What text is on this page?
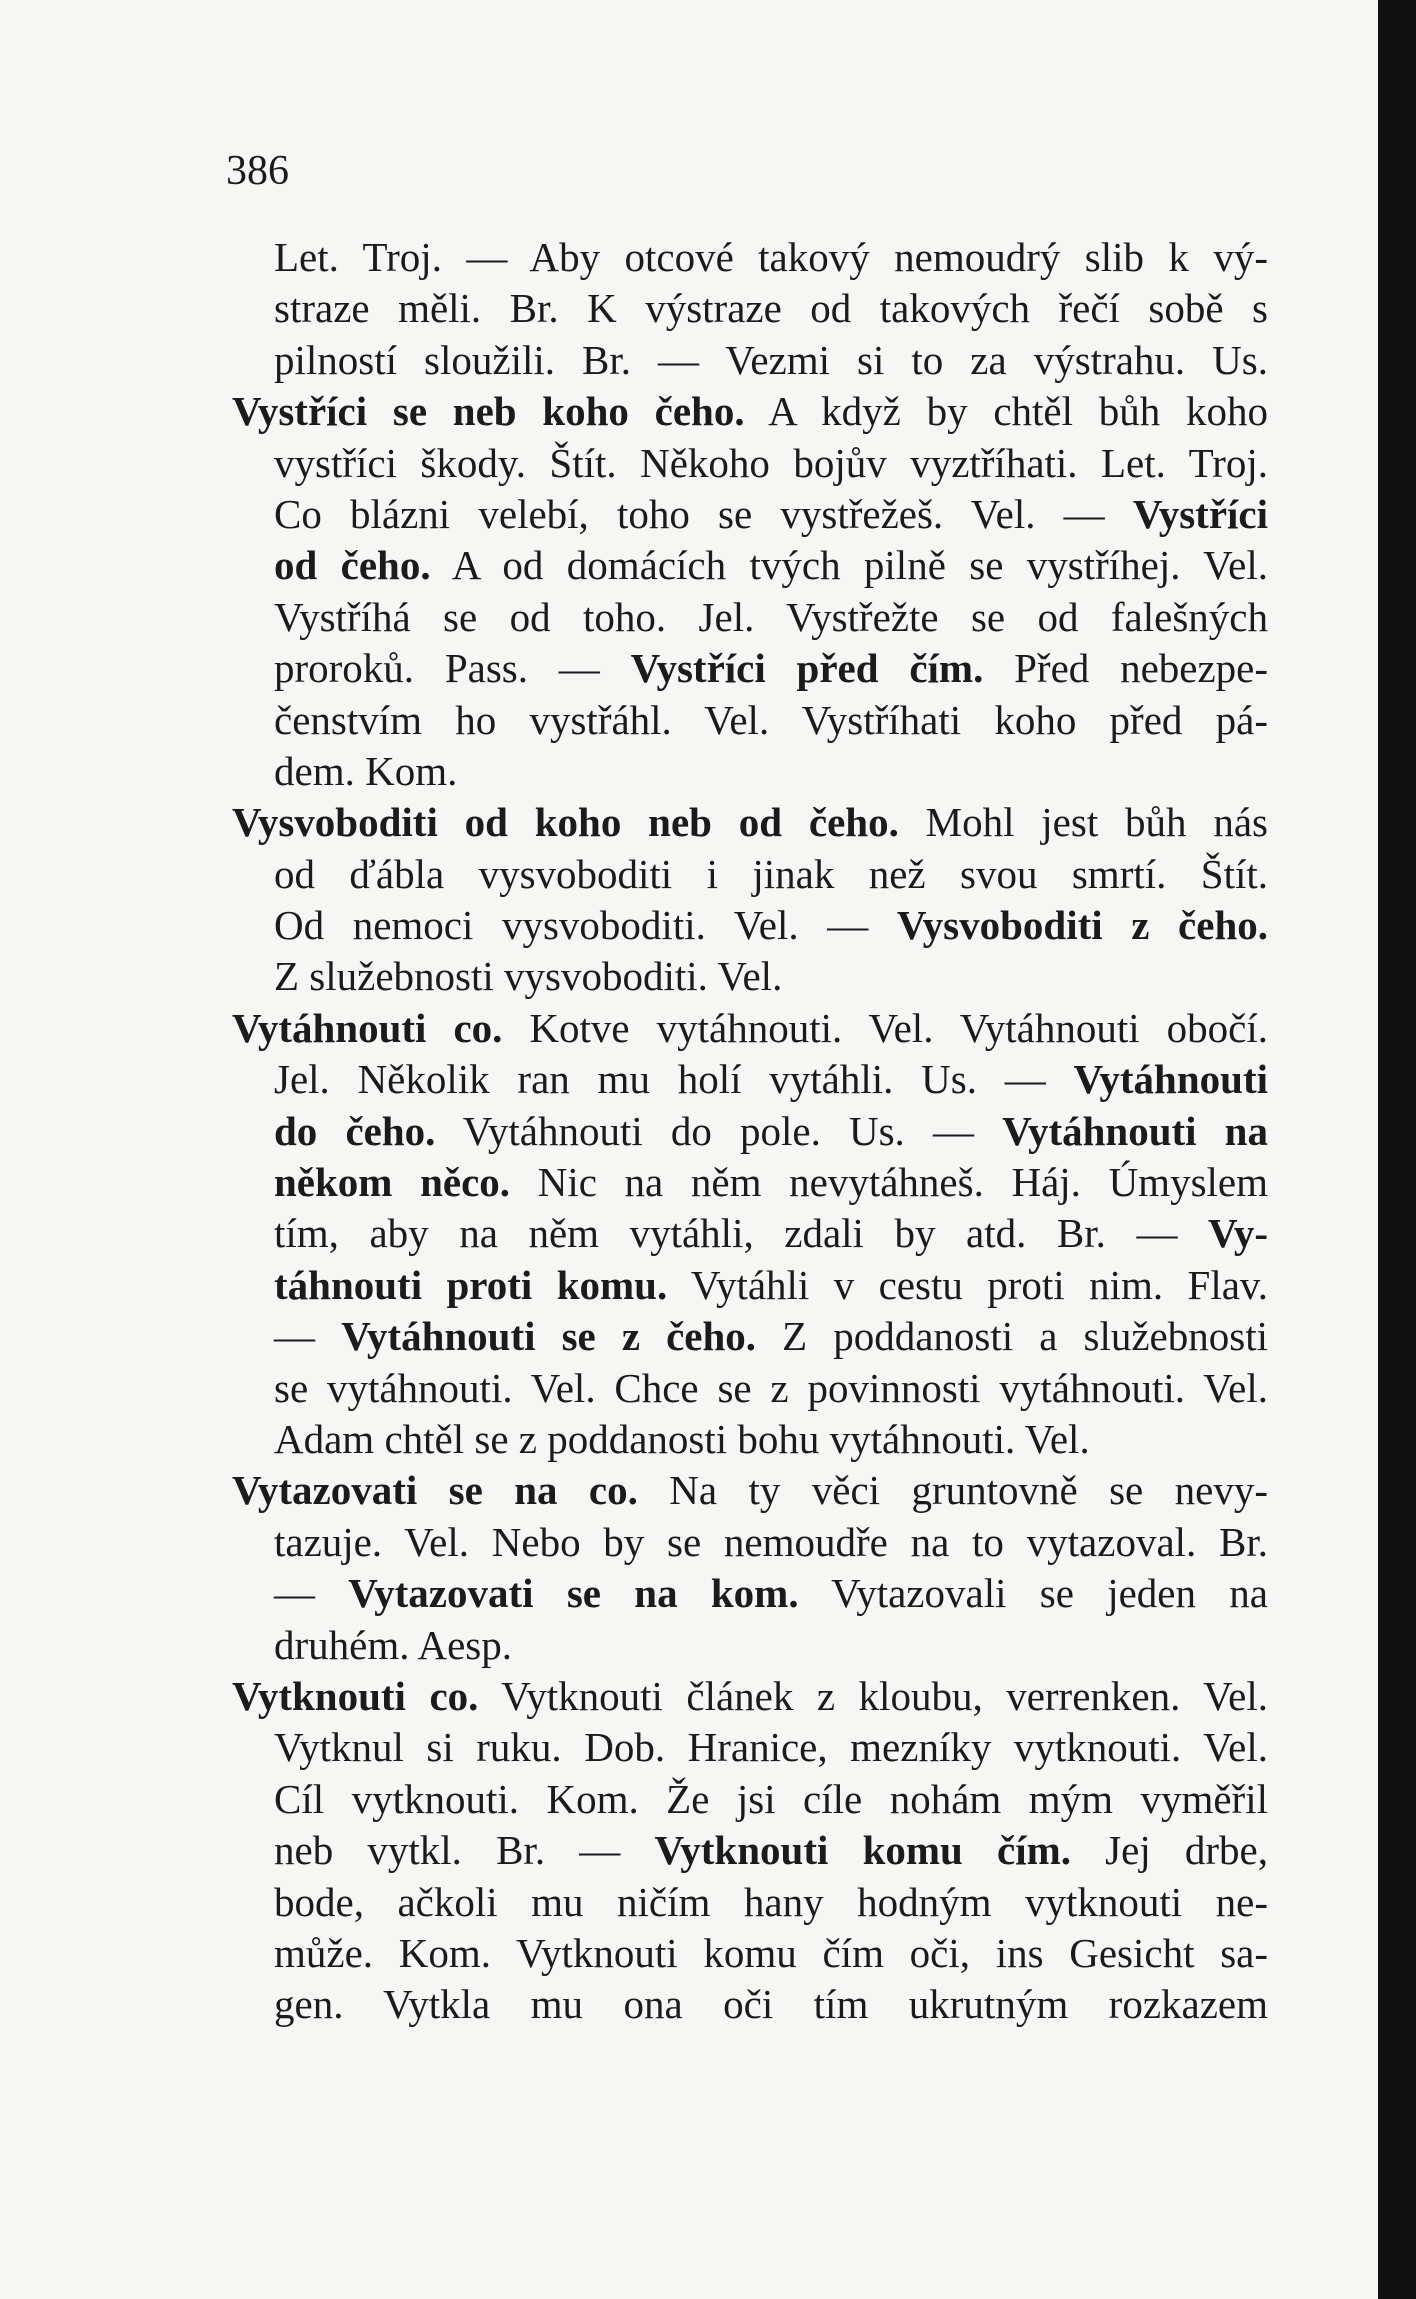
386
Let. Troj. — Aby otcové takový nemoudrý slib k vý-
straze měli. Br. K výstraze od takových řečí sobě s
pilností sloužili. Br. — Vezmi si to za výstrahu. Us.
Vystříci se neb koho čeho. A když by chtěl bůh koho
vystříci škody. Štít. Někoho bojův vyztříhati. Let. Troj.
Co blázni velebí, toho se vystřežeš. Vel. — Vystříci
od čeho. A od domácích tvých pilně se vystříhej. Vel.
Vystříhá se od toho. Jel. Vystřežte se od falešných
proroků. Pass. — Vystříci před čím. Před nebezpe-
čenstvím ho vystřáhl. Vel. Vystříhati koho před pá-
dem. Kom.
Vysvoboditi od koho neb od čeho. Mohl jest bůh nás
od ďábla vysvoboditi i jinak než svou smrtí. Štít.
Od nemoci vysvoboditi. Vel. — Vysvoboditi z čeho.
Z služebnosti vysvoboditi. Vel.
Vytáhnouti co. Kotve vytáhnouti. Vel. Vytáhnouti obočí.
Jel. Několik ran mu holí vytáhli. Us. — Vytáhnouti
do čeho. Vytáhnouti do pole. Us. — Vytáhnouti na
někom něco. Nic na něm nevytáhneš. Háj. Úmyslem
tím, aby na něm vytáhli, zdali by atd. Br. — Vy-
táhnouti proti komu. Vytáhli v cestu proti nim. Flav.
— Vytáhnouti se z čeho. Z poddanosti a služebnosti
se vytáhnouti. Vel. Chce se z povinnosti vytáhnouti. Vel.
Adam chtěl se z poddanosti bohu vytáhnouti. Vel.
Vytazovati se na co. Na ty věci gruntovně se nevy-
tazuje. Vel. Nebo by se nemoudře na to vytazoval. Br.
— Vytazovati se na kom. Vytazovali se jeden na
druhém. Aesp.
Vytknouti co. Vytknouti článek z kloubu, verrenken. Vel.
Vytknul si ruku. Dob. Hranice, mezníky vytknouti. Vel.
Cíl vytknouti. Kom. Že jsi cíle nohám mým vyměřil
neb vytkl. Br. — Vytknouti komu čím. Jej drbe,
bode, ačkoli mu ničím hany hodným vytknouti ne-
může. Kom. Vytknouti komu čím oči, ins Gesicht sa-
gen. Vytkla mu ona oči tím ukrutným rozkazem
